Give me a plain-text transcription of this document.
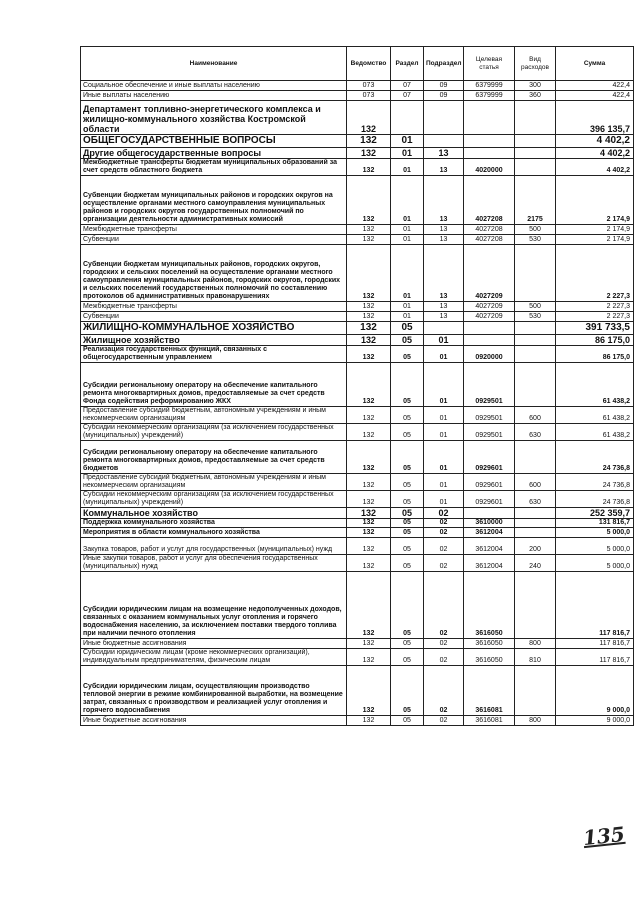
Наименование	Ведомство	Раздел	Подраздел	Целевая статья	Вид расходов	Сумма
Социальное обеспечение и иные выплаты населению	073	07	09	6379999	300	422,4
Иные выплаты населению	073	07	09	6379999	360	422,4
Департамент топливно-энергетического комплекса и жилищно-коммунального хозяйства Костромской области	132					396 135,7
ОБЩЕГОСУДАРСТВЕННЫЕ ВОПРОСЫ	132	01				4 402,2
Другие общегосударственные вопросы	132	01	13			4 402,2
Межбюджетные трансферты бюджетам муниципальных образований за счет средств областного бюджета	132	01	13	4020000		4 402,2
Субвенции бюджетам муниципальных районов и городских округов на осуществление органами местного самоуправления муниципальных районов и городских округов государственных полномочий по организации деятельности административных комиссий	132	01	13	4027208	2175	2 174,9
Межбюджетные трансферты	132	01	13	4027208	500	2 174,9
Субвенции	132	01	13	4027208	530	2 174,9
Субвенции бюджетам муниципальных районов, городских округов, городских и сельских поселений на осуществление органами местного самоуправления муниципальных районов, городских округов, городских и сельских поселений государственных полномочий по составлению протоколов об административных правонарушениях	132	01	13	4027209		2 227,3
Межбюджетные трансферты	132	01	13	4027209	500	2 227,3
Субвенции	132	01	13	4027209	530	2 227,3
ЖИЛИЩНО-КОММУНАЛЬНОЕ ХОЗЯЙСТВО	132	05				391 733,5
Жилищное хозяйство	132	05	01			86 175,0
Реализация государственных функций, связанных с общегосударственным управлением	132	05	01	0920000		86 175,0
Субсидии региональному оператору на обеспечение капитального ремонта многоквартирных домов, предоставляемые за счет средств Фонда содействия реформированию ЖКХ	132	05	01	0929501		61 438,2
Предоставление субсидий бюджетным, автономным учреждениям и иным некоммерческим организациям	132	05	01	0929501	600	61 438,2
Субсидии некоммерческим организациям (за исключением государственных (муниципальных) учреждений)	132	05	01	0929501	630	61 438,2
Субсидии региональному оператору на обеспечение капитального ремонта многоквартирных домов, предоставляемые за счет средств бюджетов	132	05	01	0929601		24 736,8
Предоставление субсидий бюджетным, автономным учреждениям и иным некоммерческим организациям	132	05	01	0929601	600	24 736,8
Субсидии некоммерческим организациям (за исключением государственных (муниципальных) учреждений)	132	05	01	0929601	630	24 736,8
Коммунальное хозяйство	132	05	02			252 359,7
Поддержка коммунального хозяйства	132	05	02	3610000		131 816,7
Мероприятия в области коммунального хозяйства	132	05	02	3612004		5 000,0
Закупка товаров, работ и услуг для государственных (муниципальных) нужд	132	05	02	3612004	200	5 000,0
Иные закупки товаров, работ и услуг для обеспечения государственных (муниципальных) нужд	132	05	02	3612004	240	5 000,0
Субсидии юридическим лицам на возмещение недополученных доходов, связанных с оказанием коммунальных услуг отопления и горячего водоснабжения населению, за исключением поставки твердого топлива при наличии печного отопления	132	05	02	3616050		117 816,7
Иные бюджетные ассигнования	132	05	02	3616050	800	117 816,7
Субсидии юридическим лицам (кроме некоммерческих организаций), индивидуальным предпринимателям, физическим лицам	132	05	02	3616050	810	117 816,7
Субсидии юридическим лицам, осуществляющим производство тепловой энергии в режиме комбинированной выработки, на возмещение затрат, связанных с производством и реализацией услуг отопления и горячего водоснабжения	132	05	02	3616081		9 000,0
Иные бюджетные ассигнования	132	05	02	3616081	800	9 000,0
135
